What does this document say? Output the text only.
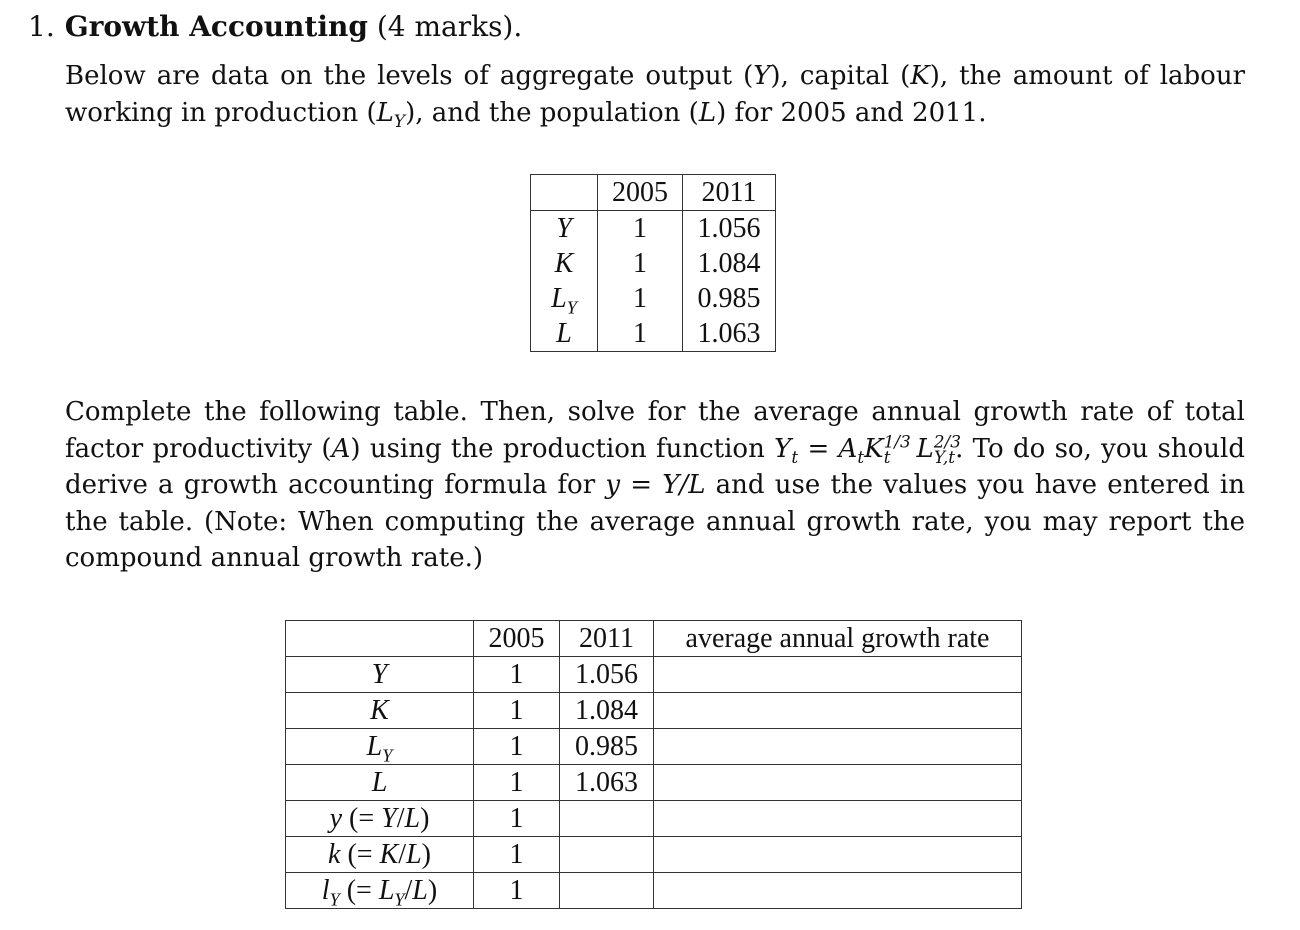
1. Growth Accounting (4 marks).
Below are data on the levels of aggregate output (Y), capital (K), the amount of labour working in production $(L_Y)$, and the population (L) for 2005 and 2011.
	2005	2011
Y	1	1.056
K	1	1.084
$L_Y$	1	0.985
L	1	1.063
Complete the following table. Then, solve for the average annual growth rate of total factor productivity (A) using the production function $Y_t = A_tK^{1/3}_t$ $L^{2/3}_{Y,t}$. To do so, you should derive a growth accounting formula for y = Y/L and use the values you have entered in the table. (Note: When computing the average annual growth rate, you may report the compound annual growth rate.)
	2005	2011	average annual growth rate
Y	1	1.056	
K	1	1.084	
$L_Y$	1	0.985	
L	1	1.063	
y (= Y/L)	1		
k (= K/L)	1		
$l_Y$ (= $L_Y/L$)	1		
